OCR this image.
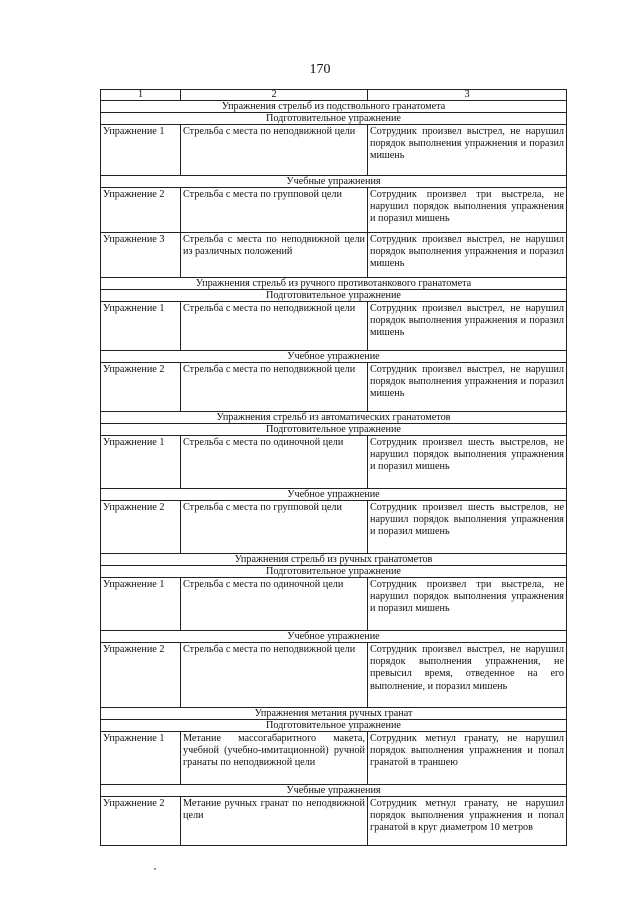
170
1	2	3
Упражнения стрельб из подствольного гранатомета		
Подготовительное упражнение		
Упражнение 1	Стрельба с места по неподвижной цели	Сотрудник произвел выстрел, не нарушил порядок выполнения упражнения и поразил мишень
Учебные упражнения		
Упражнение 2	Стрельба с места по групповой цели	Сотрудник произвел три выстрела, не нарушил порядок выполнения упражнения и поразил мишень
Упражнение 3	Стрельба с места по неподвижной цели из различных положений	Сотрудник произвел выстрел, не нарушил порядок выполнения упражнения и поразил мишень
Упражнения стрельб из ручного противотанкового гранатомета		
Подготовительное упражнение		
Упражнение 1	Стрельба с места по неподвижной цели	Сотрудник произвел выстрел, не нарушил порядок выполнения упражнения и поразил мишень
Учебное упражнение		
Упражнение 2	Стрельба с места по неподвижной цели	Сотрудник произвел выстрел, не нарушил порядок выполнения упражнения и поразил мишень
Упражнения стрельб из автоматических гранатометов		
Подготовительное упражнение		
Упражнение 1	Стрельба с места по одиночной цели	Сотрудник произвел шесть выстрелов, не нарушил порядок выполнения упражнения и поразил мишень
Учебное упражнение		
Упражнение 2	Стрельба с места по групповой цели	Сотрудник произвел шесть выстрелов, не нарушил порядок выполнения упражнения и поразил мишень
Упражнения стрельб из ручных гранатометов		
Подготовительное упражнение		
Упражнение 1	Стрельба с места по одиночной цели	Сотрудник произвел три выстрела, не нарушил порядок выполнения упражнения и поразил мишень
Учебное упражнение		
Упражнение 2	Стрельба с места по неподвижной цели	Сотрудник произвел выстрел, не нарушил порядок выполнения упражнения, не превысил время, отведенное на его выполнение, и поразил мишень
Упражнения метания ручных гранат		
Подготовительное упражнение		
Упражнение 1	Метание массогабаритного макета, учебной (учебно-имитационной) ручной гранаты по неподвижной цели	Сотрудник метнул гранату, не нарушил порядок выполнения упражнения и попал гранатой в траншею
Учебные упражнения		
Упражнение 2	Метание ручных гранат по неподвижной цели	Сотрудник метнул гранату, не нарушил порядок выполнения упражнения и попал гранатой в круг диаметром 10 метров
